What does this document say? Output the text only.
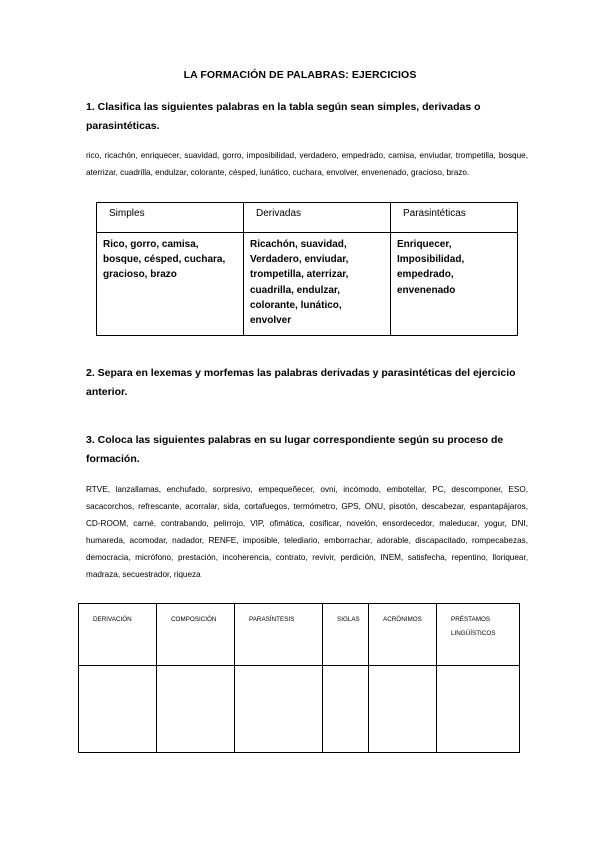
LA FORMACIÓN DE PALABRAS: EJERCICIOS
1. Clasifica las siguientes palabras en la tabla según sean simples, derivadas o parasintéticas.
rico, ricachón, enriquecer, suavidad, gorro, imposibilidad, verdadero, empedrado, camisa, enviudar, trompetilla, bosque, aterrizar, cuadrilla, endulzar, colorante, césped, lunático, cuchara, envolver, envenenado, gracioso, brazo.
Simples	Derivadas	Parasintéticas
Rico, gorro, camisa, bosque, césped, cuchara, gracioso, brazo	Ricachón, suavidad, Verdadero, enviudar, trompetilla, aterrizar, cuadrilla, endulzar, colorante, lunático, envolver	Enriquecer, Imposibilidad, empedrado, envenenado
2. Separa en lexemas y morfemas las palabras derivadas y parasintéticas del ejercicio anterior.
3. Coloca las siguientes palabras en su lugar correspondiente según su proceso de formación.
RTVE, lanzallamas, enchufado, sorpresivo, empequeñecer, ovni, incómodo, embotellar, PC, descomponer, ESO, sacacorchos, refrescante, acorralar, sida, cortafuegos, termómetro, GPS, ONU, pisotón, descabezar, espantapájaros, CD-ROOM, carné, contrabando, pelirrojo, VIP, ofimática, cosificar, novelón, ensordecedor, maleducar, yogur, DNI, humareda, acomodar, nadador, RENFE, imposible, telediario, emborrachar, adorable, discapacitado, rompecabezas, democracia, micrófono, prestación, incoherencia, contrato, revivir, perdición, INEM, satisfecha, repentino, lloriquear, madraza, secuestrador, riqueza
DERIVACIÓN	COMPOSICIÓN	PARASÍNTESIS	SIGLAS	ACRÓNIMOS	PRÉSTAMOS LINGÜÍSTICOS
